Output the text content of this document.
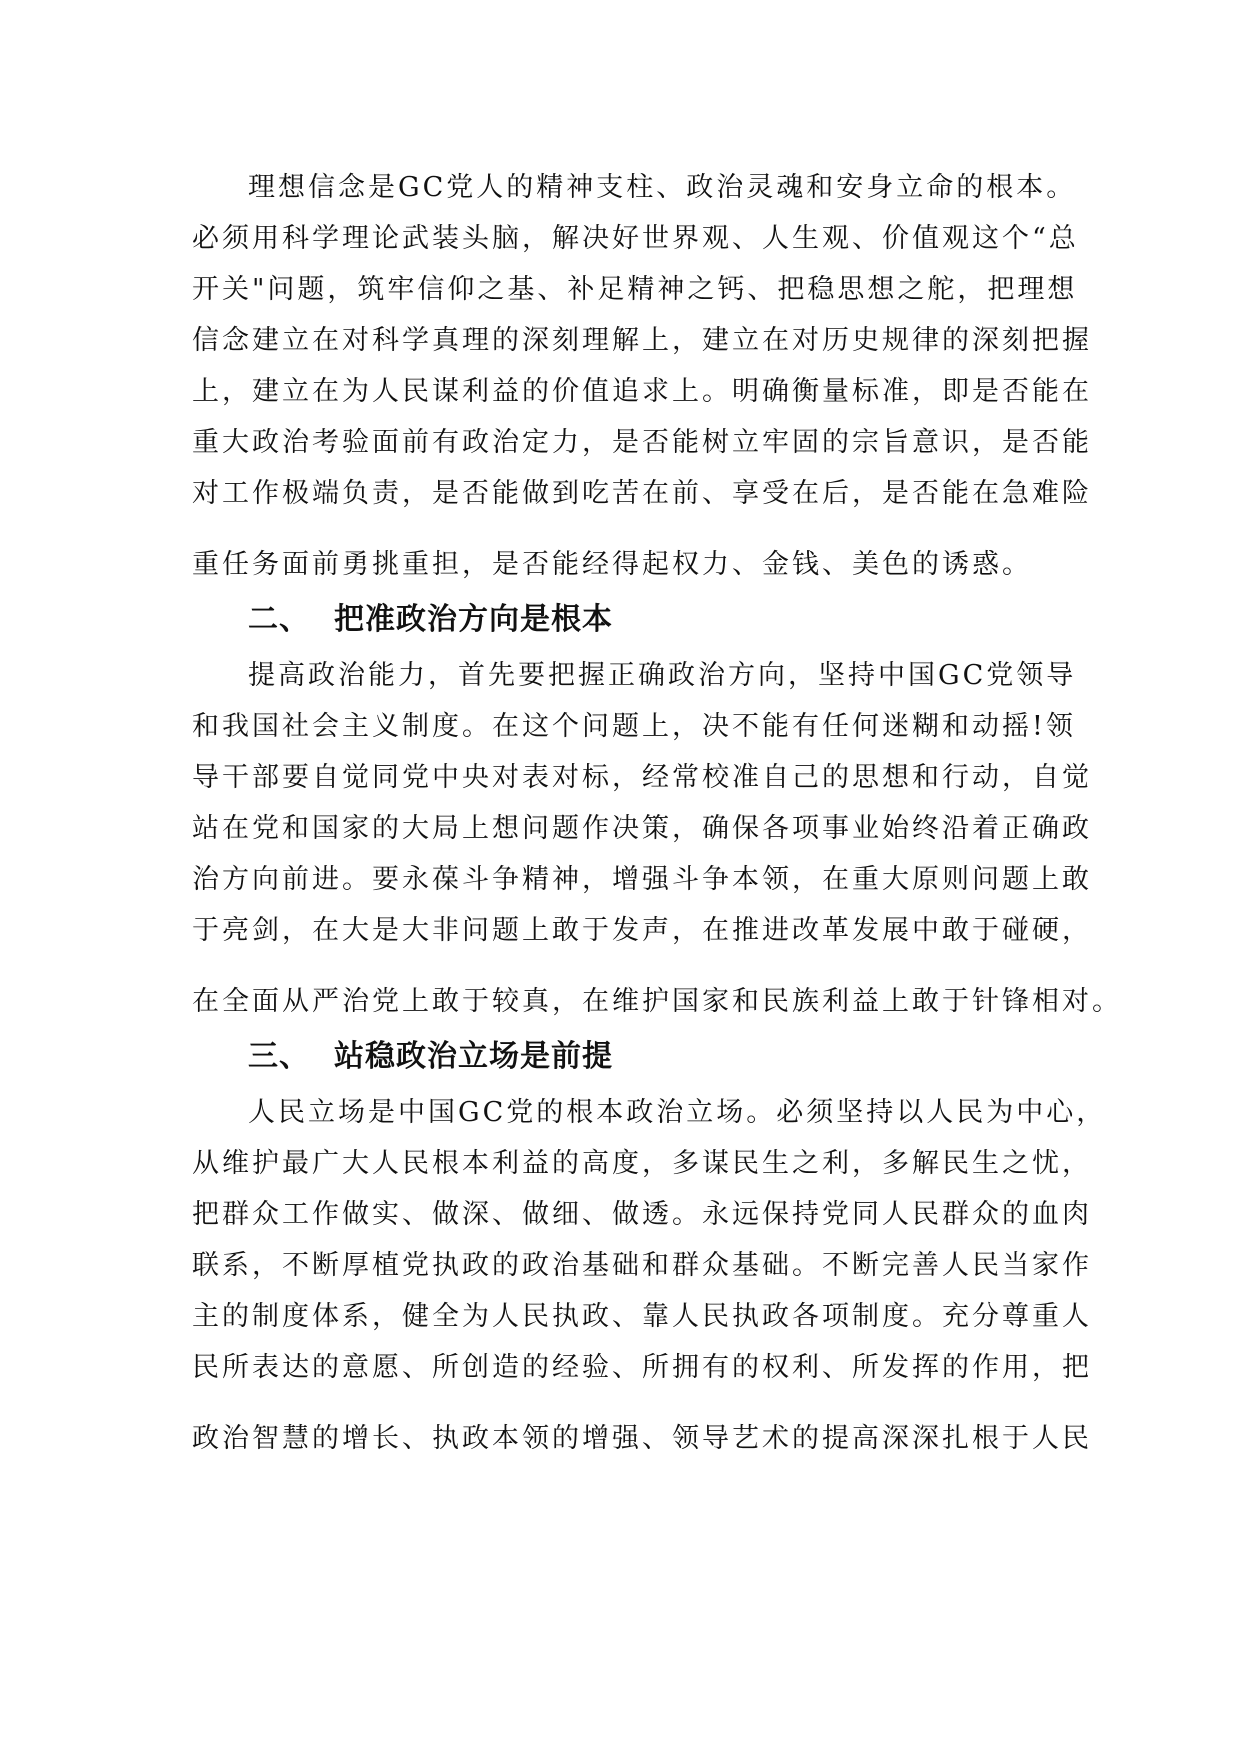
理想信念是GC党人的精神支柱、政治灵魂和安身立命的根本。

必须用科学理论武装头脑，解决好世界观、人生观、价值观这个“总

开关"问题，筑牢信仰之基、补足精神之钙、把稳思想之舵，把理想

信念建立在对科学真理的深刻理解上，建立在对历史规律的深刻把握

上，建立在为人民谋利益的价值追求上。明确衡量标准，即是否能在

重大政治考验面前有政治定力，是否能树立牢固的宗旨意识，是否能

对工作极端负责，是否能做到吃苦在前、享受在后，是否能在急难险

重任务面前勇挑重担，是否能经得起权力、金钱、美色的诱惑。

二、 把准政治方向是根本

提高政治能力，首先要把握正确政治方向，坚持中国GC党领导

和我国社会主义制度。在这个问题上，决不能有任何迷糊和动摇!领

导干部要自觉同党中央对表对标，经常校准自己的思想和行动，自觉

站在党和国家的大局上想问题作决策，确保各项事业始终沿着正确政

治方向前进。要永葆斗争精神，增强斗争本领，在重大原则问题上敢

于亮剑，在大是大非问题上敢于发声，在推进改革发展中敢于碰硬，

在全面从严治党上敢于较真，在维护国家和民族利益上敢于针锋相对。

三、 站稳政治立场是前提

人民立场是中国GC党的根本政治立场。必须坚持以人民为中心，

从维护最广大人民根本利益的高度，多谋民生之利，多解民生之忧，

把群众工作做实、做深、做细、做透。永远保持党同人民群众的血肉

联系，不断厚植党执政的政治基础和群众基础。不断完善人民当家作

主的制度体系，健全为人民执政、靠人民执政各项制度。充分尊重人

民所表达的意愿、所创造的经验、所拥有的权利、所发挥的作用，把

政治智慧的增长、执政本领的增强、领导艺术的提高深深扎根于人民
